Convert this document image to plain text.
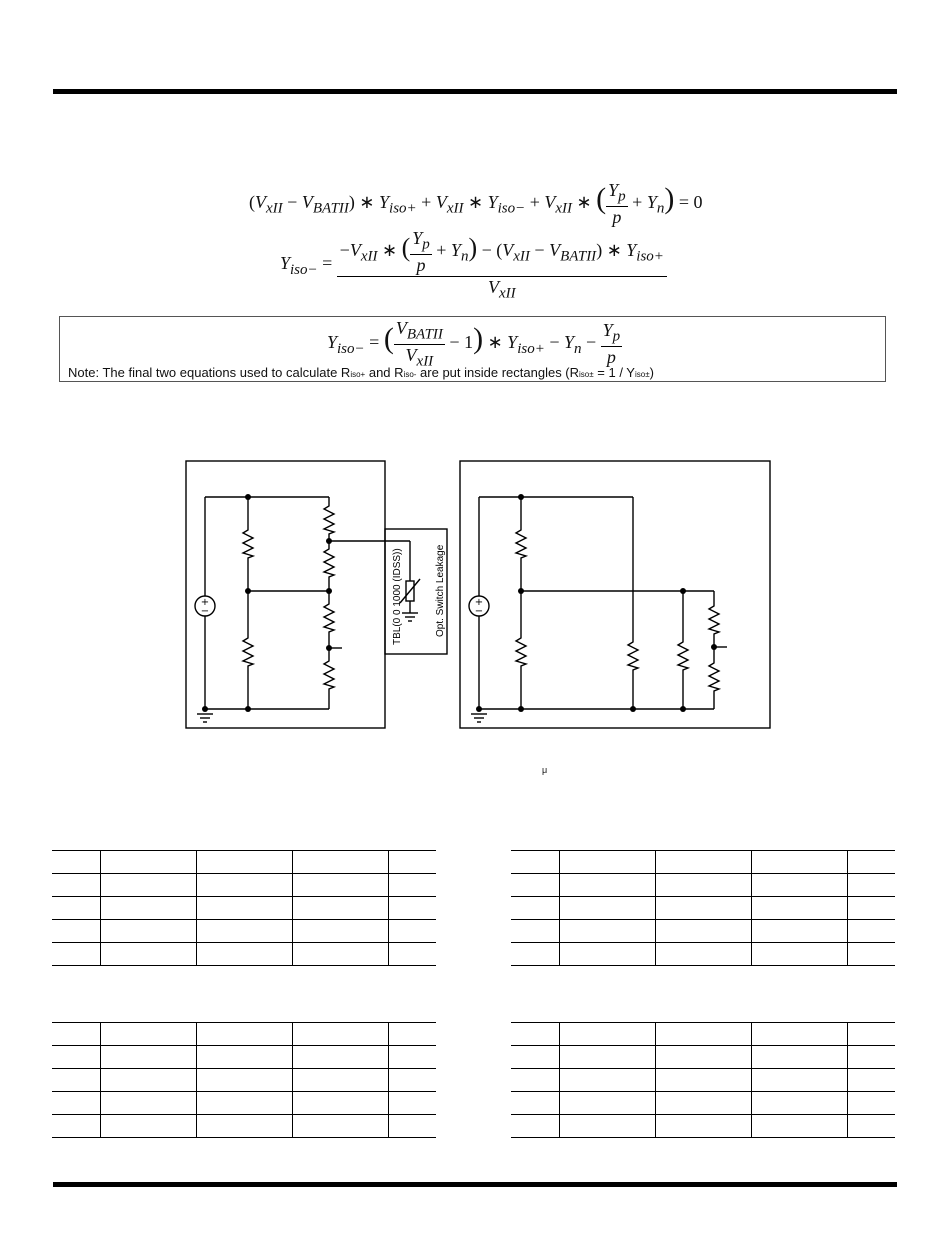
$(V_{xII} - V_{BATII})$ ∗ $Y_{iso+} + V_{xII}$ ∗ $Y_{iso-} + V_{xII}$ ∗ ( $\frac{Y_p}{p} + Y_n) = 0$
$Y_{iso-} = \frac{-V_{xII} ∗ ( \frac{Y_p}{p} + Y_n) - (V_{xII} - V_{BATII}) ∗ Y_{iso+}}{V_{xII}}$
$Y_{iso-}$ = ( $\frac{V_{BATII}}{V_{xII}} - 1$) ∗ $Y_{iso+} - Y_n - \frac{Y_p}{p}$
Note: The final two equations used to calculate Riso+ and Riso- are put inside rectangles (Riso± = 1 / Yiso±)
+
−
+
−
TBL(0 0 1000 (IDSS))	Opt. Switch Leakage
μ
